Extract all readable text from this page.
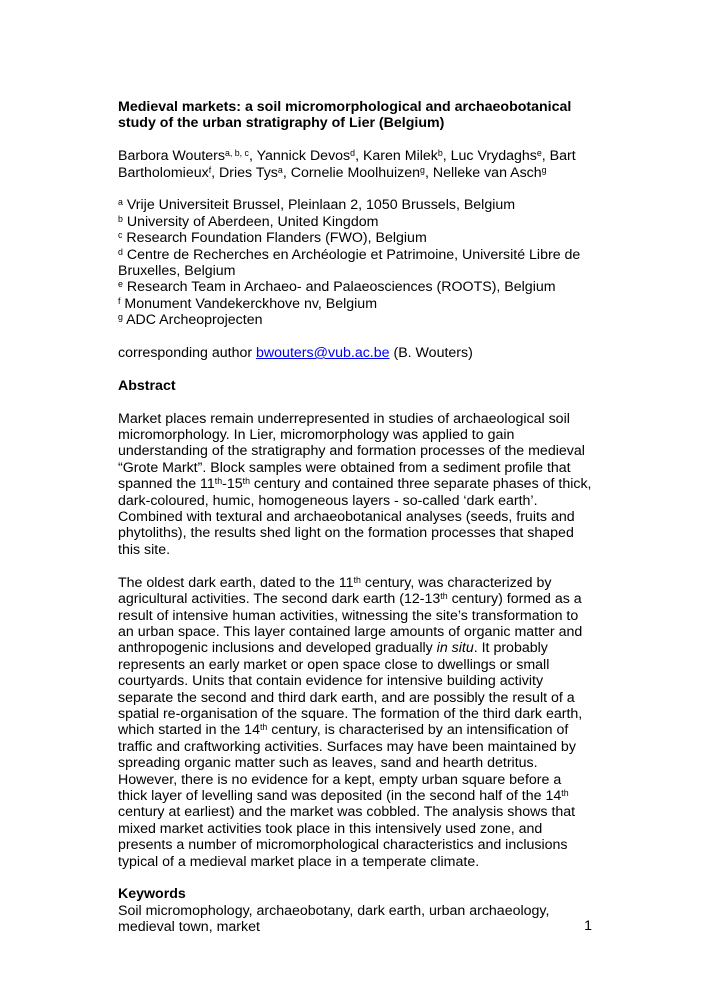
Medieval markets: a soil micromorphological and archaeobotanical study of the urban stratigraphy of Lier (Belgium)

Barbora Wouters$^{a, b, c}$, Yannick Devos$^d$, Karen Milek$^b$, Luc Vrydaghs$^e$, Bart Bartholomieux$^f$, Dries Tys$^a$, Cornelie Moolhuizen$^g$, Nelleke van Asch$^g$

$^a$ Vrije Universiteit Brussel, Pleinlaan 2, 1050 Brussels, Belgium

$^b$ University of Aberdeen, United Kingdom

$^c$ Research Foundation Flanders (FWO), Belgium

$^d$ Centre de Recherches en Archéologie et Patrimoine, Université Libre de Bruxelles, Belgium

$^e$ Research Team in Archaeo- and Palaeosciences (ROOTS), Belgium

$^f$ Monument Vandekerckhove nv, Belgium

$^g$ ADC Archeoprojecten

corresponding author bwouters@vub.ac.be (B. Wouters)

Abstract

Market places remain underrepresented in studies of archaeological soil micromorphology. In Lier, micromorphology was applied to gain understanding of the stratigraphy and formation processes of the medieval “Grote Markt”. Block samples were obtained from a sediment profile that spanned the 11th-15th century and contained three separate phases of thick, dark-coloured, humic, homogeneous layers - so-called ‘dark earth’. Combined with textural and archaeobotanical analyses (seeds, fruits and phytoliths), the results shed light on the formation processes that shaped this site.

The oldest dark earth, dated to the 11th century, was characterized by agricultural activities. The second dark earth (12-13th century) formed as a result of intensive human activities, witnessing the site’s transformation to an urban space. This layer contained large amounts of organic matter and anthropogenic inclusions and developed gradually in situ. It probably represents an early market or open space close to dwellings or small courtyards. Units that contain evidence for intensive building activity separate the second and third dark earth, and are possibly the result of a spatial re-organisation of the square. The formation of the third dark earth, which started in the 14th century, is characterised by an intensification of traffic and craftworking activities. Surfaces may have been maintained by spreading organic matter such as leaves, sand and hearth detritus. However, there is no evidence for a kept, empty urban square before a thick layer of levelling sand was deposited (in the second half of the 14th century at earliest) and the market was cobbled. The analysis shows that mixed market activities took place in this intensively used zone, and presents a number of micromorphological characteristics and inclusions typical of a medieval market place in a temperate climate.

Keywords

Soil micromophology, archaeobotany, dark earth, urban archaeology, medieval town, market	1
